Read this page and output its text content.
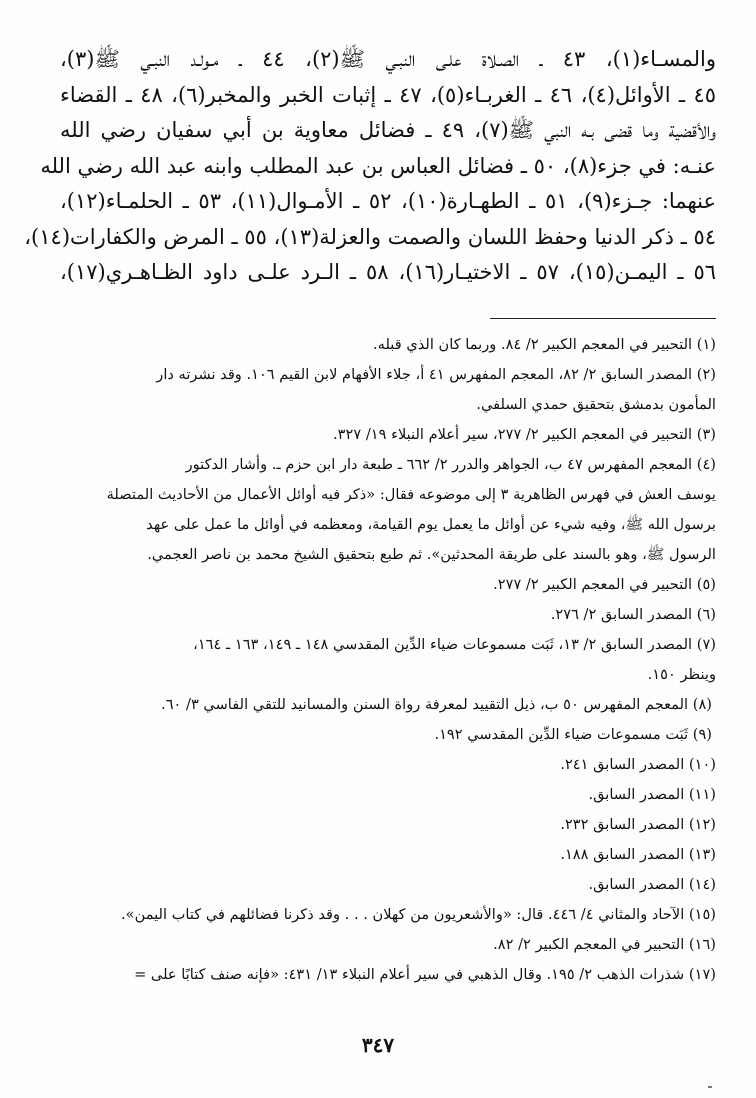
والمسـاء(١)، ٤٣ ـ الصـلاة علـى النبـي ﷺ(٢)، ٤٤ ـ مـولـد النبـي ﷺ(٣)،
٤٥ ـ الأوائل(٤)، ٤٦ ـ الغربـاء(٥)، ٤٧ ـ إثبات الخبر والمخبر(٦)، ٤٨ ـ القضاء
والأقضية وما قضى بـه النبي ﷺ(٧)، ٤٩ ـ فضائل معاوية بن أبي سفيان رضي الله
عنـه: في جزء(٨)، ٥٠ ـ فضائل العباس بن عبد المطلب وابنه عبد الله رضي الله
عنهما: جـزء(٩)، ٥١ ـ الطهـارة(١٠)، ٥٢ ـ الأمـوال(١١)، ٥٣ ـ الحلمـاء(١٢)،
٥٤ ـ ذكر الدنيا وحفظ اللسان والصمت والعزلة(١٣)، ٥٥ ـ المرض والكفارات(١٤)،
٥٦ ـ اليمـن(١٥)، ٥٧ ـ الاختيـار(١٦)، ٥٨ ـ الـرد علـى داود الظـاهـري(١٧)،
(١) التحبير في المعجم الكبير ٢/ ٨٤. وربما كان الذي قبله.
(٢) المصدر السابق ٢/ ٨٢، المعجم المفهرس ٤١ أ، جلاء الأفهام لابن القيم ١٠٦. وقد نشرته دار
المأمون بدمشق بتحقيق حمدي السلفي.
(٣) التحبير في المعجم الكبير ٢/ ٢٧٧، سير أعلام النبلاء ١٩/ ٣٢٧.
(٤) المعجم المفهرس ٤٧ ب، الجواهر والدرر ٢/ ٦٦٢ ـ طبعة دار ابن حزم ـ. وأشار الدكتور
يوسف العش في فهرس الظاهرية ٣ إلى موضوعه فقال: «ذكر فيه أوائل الأعمال من الأحاديث المتصلة
برسول الله ﷺ، وفيه شيء عن أوائل ما يعمل يوم القيامة، ومعظمه في أوائل ما عمل على عهد
الرسول ﷺ، وهو بالسند على طريقة المحدثين». ثم طبع بتحقيق الشيخ محمد بن ناصر العجمي.
(٥) التحبير في المعجم الكبير ٢/ ٢٧٧.
(٦) المصدر السابق ٢/ ٢٧٦.
(٧) المصدر السابق ٢/ ١٣، ثَبَت مسموعات ضياء الدِّين المقدسي ١٤٨ ـ ١٤٩، ١٦٣ ـ ١٦٤،
وينظر ١٥٠.
(٨) المعجم المفهرس ٥٠ ب، ذيل التقييد لمعرفة رواة السنن والمسانيد للتقي الفاسي ٣/ ٦٠.
(٩) ثَبَت مسموعات ضياء الدِّين المقدسي ١٩٢.
(١٠) المصدر السابق ٢٤١.
(١١) المصدر السابق.
(١٢) المصدر السابق ٢٣٢.
(١٣) المصدر السابق ١٨٨.
(١٤) المصدر السابق.
(١٥) الآحاد والمثاني ٤/ ٤٤٦. قال: «والأشعريون من كهلان . . . وقد ذكرنا فضائلهم في كتاب اليمن».
(١٦) التحبير في المعجم الكبير ٢/ ٨٢.
(١٧) شذرات الذهب ٢/ ١٩٥. وقال الذهبي في سير أعلام النبلاء ١٣/ ٤٣١: «فإنه صنف كتابًا على =
٣٤٧
